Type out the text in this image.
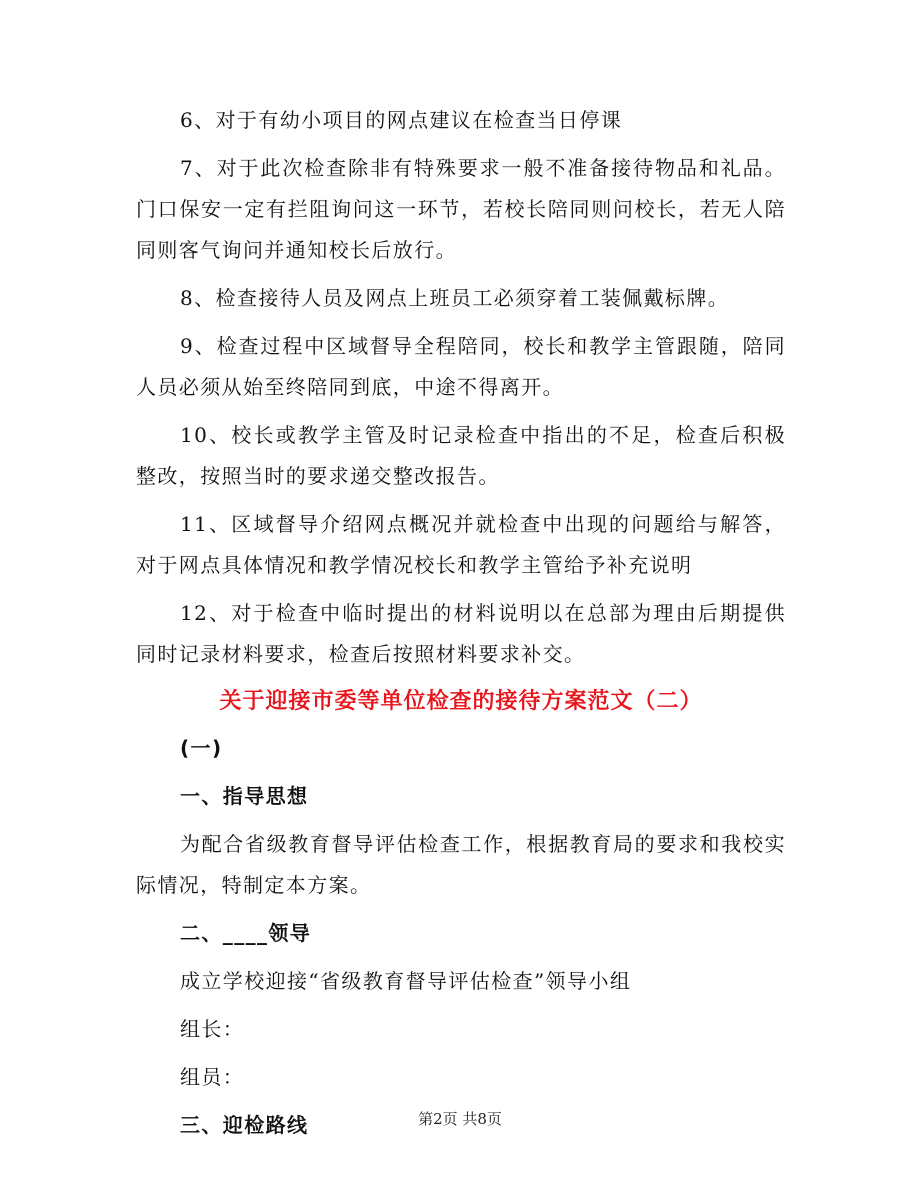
6、对于有幼小项目的网点建议在检查当日停课

7、对于此次检查除非有特殊要求一般不准备接待物品和礼品。门口保安一定有拦阻询问这一环节，若校长陪同则问校长，若无人陪同则客气询问并通知校长后放行。

8、检查接待人员及网点上班员工必须穿着工装佩戴标牌。

9、检查过程中区域督导全程陪同，校长和教学主管跟随，陪同人员必须从始至终陪同到底，中途不得离开。

10、校长或教学主管及时记录检查中指出的不足，检查后积极整改，按照当时的要求递交整改报告。

11、区域督导介绍网点概况并就检查中出现的问题给与解答，对于网点具体情况和教学情况校长和教学主管给予补充说明

12、对于检查中临时提出的材料说明以在总部为理由后期提供同时记录材料要求，检查后按照材料要求补交。

关于迎接市委等单位检查的接待方案范文（二）
(一)
一、指导思想

为配合省级教育督导评估检查工作，根据教育局的要求和我校实际情况，特制定本方案。

二、____领导

成立学校迎接“省级教育督导评估检查”领导小组

组长：

组员：

三、迎检路线	第2页 共8页
